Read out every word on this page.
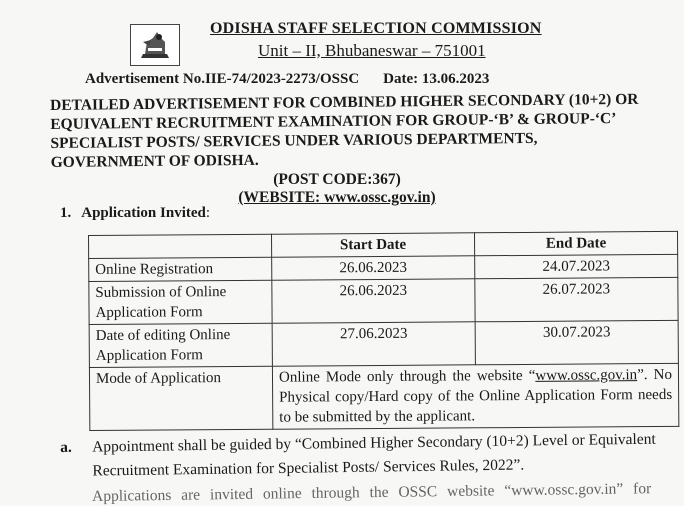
ODISHA STAFF SELECTION COMMISSION
Unit – II, Bhubaneswar – 751001
Advertisement No.IIE-74/2023-2273/OSSC Date: 13.06.2023
DETAILED ADVERTISEMENT FOR COMBINED HIGHER SECONDARY (10+2) OR EQUIVALENT RECRUITMENT EXAMINATION FOR GROUP-‘B’ & GROUP-‘C’ SPECIALIST POSTS/ SERVICES UNDER VARIOUS DEPARTMENTS, GOVERNMENT OF ODISHA.
(POST CODE:367)
(WEBSITE: www.ossc.gov.in)
1. Application Invited:
	Start Date	End Date
Online Registration	26.06.2023	24.07.2023
Submission of Online Application Form	26.06.2023	26.07.2023
Date of editing Online Application Form	27.06.2023	30.07.2023
Mode of Application	Online Mode only through the website “www.ossc.gov.in”. No Physical copy/Hard copy of the Online Application Form needs to be submitted by the applicant.	
a. Appointment shall be guided by “Combined Higher Secondary (10+2) Level or Equivalent Recruitment Examination for Specialist Posts/ Services Rules, 2022”.
Applications are invited online through the OSSC website “www.ossc.gov.in” for
